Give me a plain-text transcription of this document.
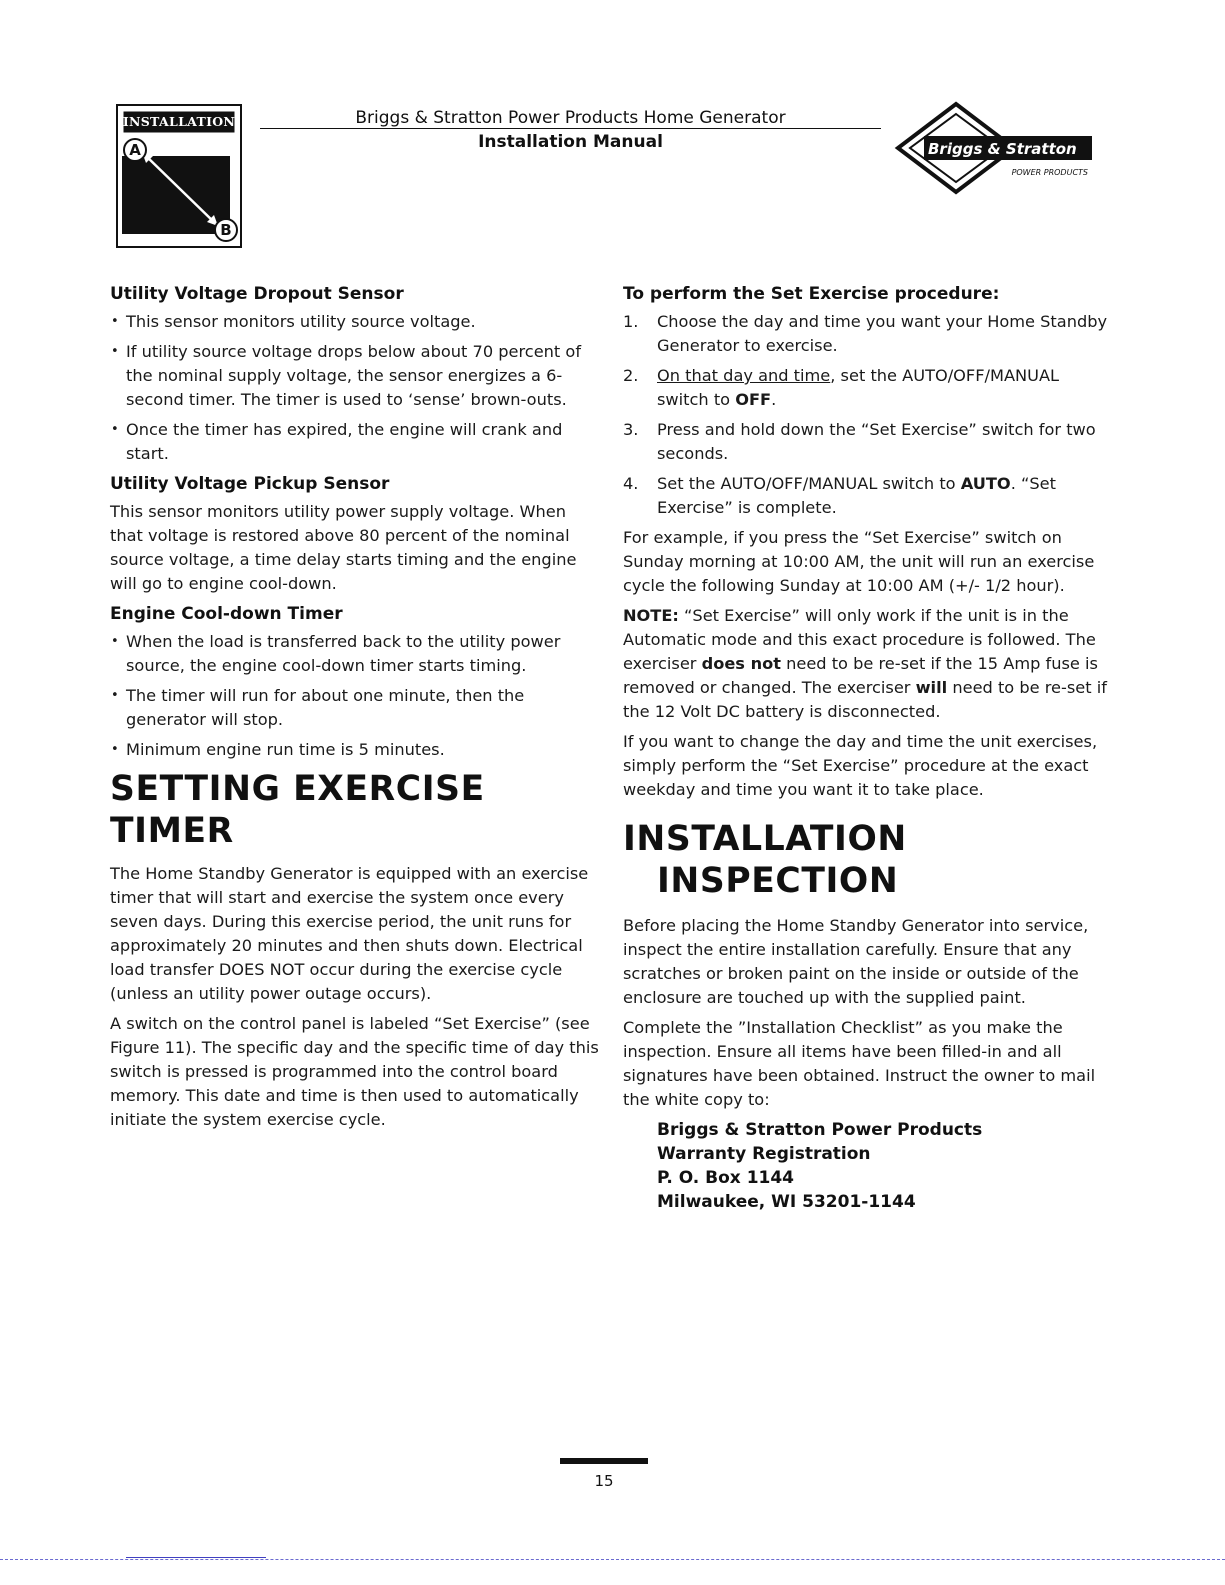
INSTALLATION
A
B
Briggs & Stratton Power Products Home Generator
Installation Manual	Briggs & Stratton
POWER PRODUCTS
Utility Voltage Dropout Sensor
• This sensor monitors utility source voltage.
• If utility source voltage drops below about 70 percent of the nominal supply voltage, the sensor energizes a 6-second timer. The timer is used to ‘sense’ brown-outs.
• Once the timer has expired, the engine will crank and start.
Utility Voltage Pickup Sensor

This sensor monitors utility power supply voltage. When that voltage is restored above 80 percent of the nominal source voltage, a time delay starts timing and the engine will go to engine cool-down.

Engine Cool-down Timer
• When the load is transferred back to the utility power source, the engine cool-down timer starts timing.
• The timer will run for about one minute, then the generator will stop.
• Minimum engine run time is 5 minutes.
SETTING EXERCISE TIMER

The Home Standby Generator is equipped with an exercise timer that will start and exercise the system once every seven days. During this exercise period, the unit runs for approximately 20 minutes and then shuts down. Electrical load transfer DOES NOT occur during the exercise cycle (unless an utility power outage occurs).

A switch on the control panel is labeled “Set Exercise” (see Figure 11). The specific day and the specific time of day this switch is pressed is programmed into the control board memory. This date and time is then used to automatically initiate the system exercise cycle.

To perform the Set Exercise procedure:
1. Choose the day and time you want your Home Standby Generator to exercise.
2. On that day and time, set the AUTO/OFF/MANUAL switch to OFF.
3. Press and hold down the “Set Exercise” switch for two seconds.
4. Set the AUTO/OFF/MANUAL switch to AUTO. “Set Exercise” is complete.

For example, if you press the “Set Exercise” switch on Sunday morning at 10:00 AM, the unit will run an exercise cycle the following Sunday at 10:00 AM (+/- 1/2 hour).

NOTE: “Set Exercise” will only work if the unit is in the Automatic mode and this exact procedure is followed. The exerciser does not need to be re-set if the 15 Amp fuse is removed or changed. The exerciser will need to be re-set if the 12 Volt DC battery is disconnected.

If you want to change the day and time the unit exercises, simply perform the “Set Exercise” procedure at the exact weekday and time you want it to take place.

INSTALLATION
INSPECTION

Before placing the Home Standby Generator into service, inspect the entire installation carefully. Ensure that any scratches or broken paint on the inside or outside of the enclosure are touched up with the supplied paint.

Complete the ”Installation Checklist” as you make the inspection. Ensure all items have been filled-in and all signatures have been obtained. Instruct the owner to mail the white copy to:

Briggs & Stratton Power Products
Warranty Registration
P. O. Box 1144
Milwaukee, WI 53201-1144
15
